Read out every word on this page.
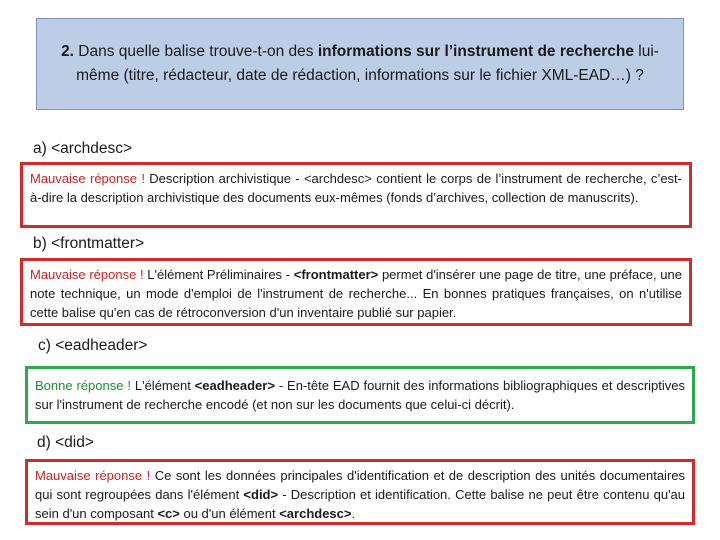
2. Dans quelle balise trouve-t-on des informations sur l’instrument de recherche lui-même (titre, rédacteur, date de rédaction, informations sur le fichier XML-EAD…) ?
a) <archdesc>
Mauvaise réponse ! Description archivistique - <archdesc> contient le corps de l’instrument de recherche, c’est-à-dire la description archivistique des documents eux-mêmes (fonds d’archives, collection de manuscrits).
b) <frontmatter>
Mauvaise réponse ! L'élément Préliminaires - <frontmatter> permet d'insérer une page de titre, une préface, une note technique, un mode d'emploi de l'instrument de recherche... En bonnes pratiques françaises, on n'utilise cette balise qu'en cas de rétroconversion d'un inventaire publié sur papier.
c) <eadheader>
Bonne réponse ! L'élément <eadheader> - En-tête EAD fournit des informations bibliographiques et descriptives sur l'instrument de recherche encodé (et non sur les documents que celui-ci décrit).
d) <did>
Mauvaise réponse ! Ce sont les données principales d'identification et de description des unités documentaires qui sont regroupées dans l'élément <did> - Description et identification. Cette balise ne peut être contenu qu'au sein d'un composant <c> ou d'un élément <archdesc>.
